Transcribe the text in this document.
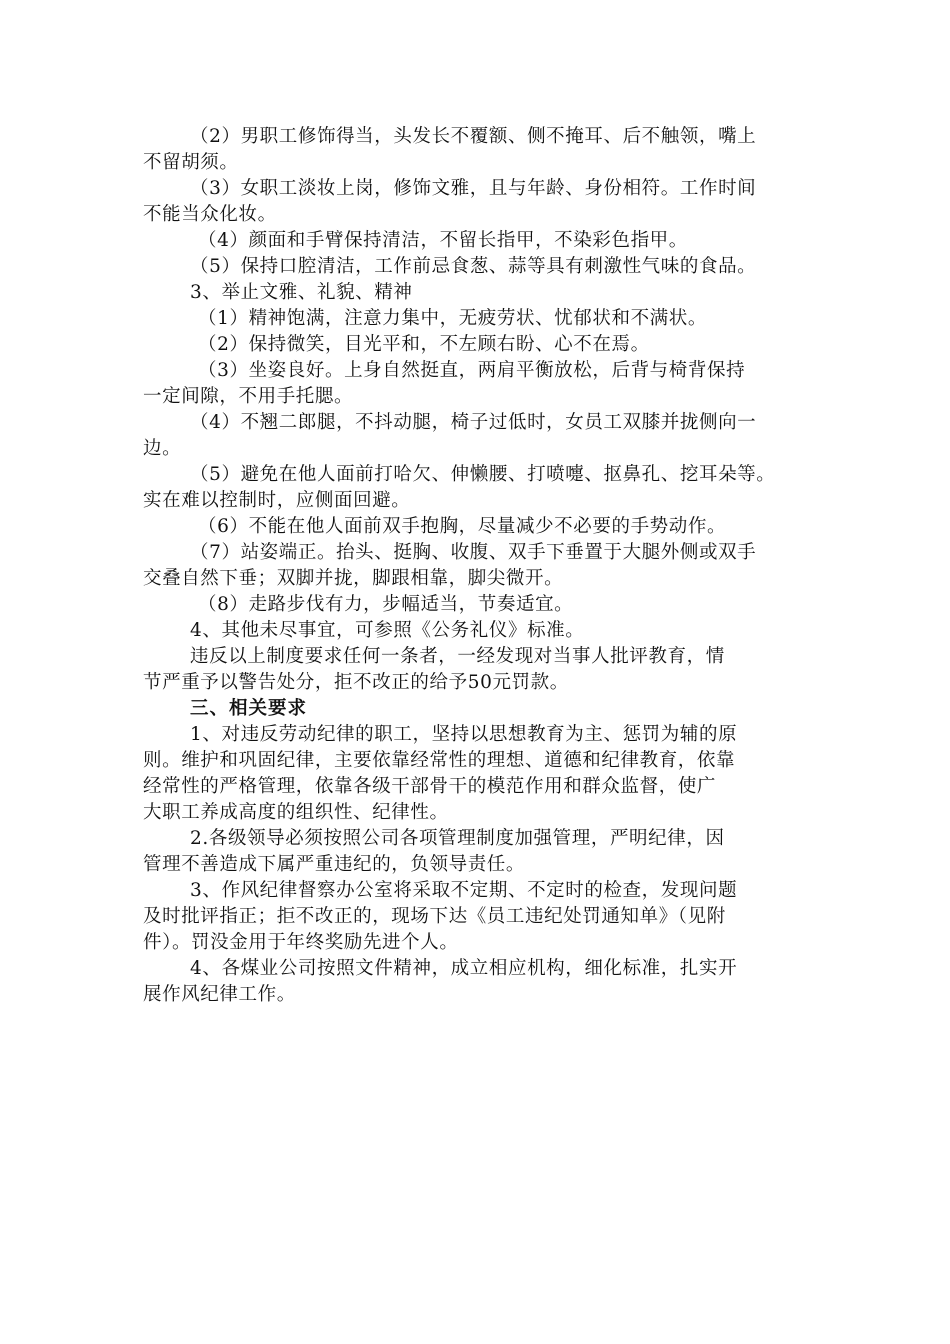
（2）男职工修饰得当，头发长不覆额、侧不掩耳、后不触领，嘴上
不留胡须。
（3）女职工淡妆上岗，修饰文雅，且与年龄、身份相符。工作时间
不能当众化妆。
（4）颜面和手臂保持清洁，不留长指甲，不染彩色指甲。
（5）保持口腔清洁，工作前忌食葱、蒜等具有刺激性气味的食品。
3、举止文雅、礼貌、精神
（1）精神饱满，注意力集中，无疲劳状、忧郁状和不满状。
（2）保持微笑，目光平和，不左顾右盼、心不在焉。
（3）坐姿良好。上身自然挺直，两肩平衡放松，后背与椅背保持
一定间隙，不用手托腮。
（4）不翘二郎腿，不抖动腿，椅子过低时，女员工双膝并拢侧向一
边。
（5）避免在他人面前打哈欠、伸懒腰、打喷嚏、抠鼻孔、挖耳朵等。
实在难以控制时，应侧面回避。
（6）不能在他人面前双手抱胸，尽量减少不必要的手势动作。
（7）站姿端正。抬头、挺胸、收腹、双手下垂置于大腿外侧或双手
交叠自然下垂；双脚并拢，脚跟相靠，脚尖微开。
（8）走路步伐有力，步幅适当，节奏适宜。
4、其他未尽事宜，可参照《公务礼仪》标准。
违反以上制度要求任何一条者，一经发现对当事人批评教育，情
节严重予以警告处分，拒不改正的给予50元罚款。
三、相关要求
1、对违反劳动纪律的职工，坚持以思想教育为主、惩罚为辅的原
则。维护和巩固纪律，主要依靠经常性的理想、道德和纪律教育，依靠
经常性的严格管理，依靠各级干部骨干的模范作用和群众监督，使广
大职工养成高度的组织性、纪律性。
2.各级领导必须按照公司各项管理制度加强管理，严明纪律，因
管理不善造成下属严重违纪的，负领导责任。
3、作风纪律督察办公室将采取不定期、不定时的检查，发现问题
及时批评指正；拒不改正的，现场下达《员工违纪处罚通知单》（见附
件）。罚没金用于年终奖励先进个人。
4、各煤业公司按照文件精神，成立相应机构，细化标准，扎实开
展作风纪律工作。
